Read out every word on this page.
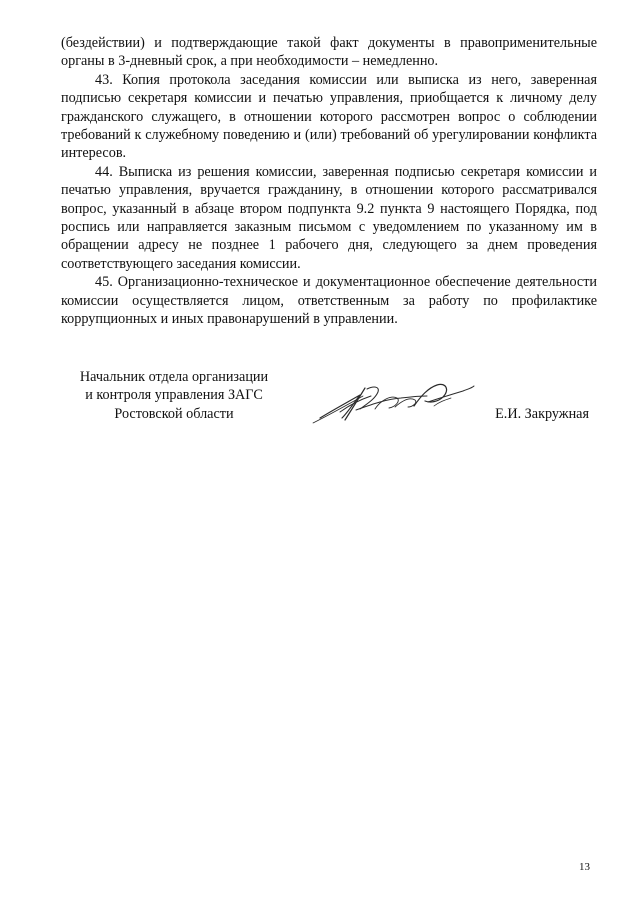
(бездействии) и подтверждающие такой факт документы в правоприменительные органы в 3-дневный срок, а при необходимости – немедленно.

43. Копия протокола заседания комиссии или выписка из него, заверенная подписью секретаря комиссии и печатью управления, приобщается к личному делу гражданского служащего, в отношении которого рассмотрен вопрос о соблюдении требований к служебному поведению и (или) требований об урегулировании конфликта интересов.

44. Выписка из решения комиссии, заверенная подписью секретаря комиссии и печатью управления, вручается гражданину, в отношении которого рассматривался вопрос, указанный в абзаце втором подпункта 9.2 пункта 9 настоящего Порядка, под роспись или направляется заказным письмом с уведомлением по указанному им в обращении адресу не позднее 1 рабочего дня, следующего за днем проведения соответствующего заседания комиссии.

45. Организационно-техническое и документационное обеспечение деятельности комиссии осуществляется лицом, ответственным за работу по профилактике коррупционных и иных правонарушений в управлении.

Начальник отдела организации
и контроля управления ЗАГС
Ростовской области	Е.И. Закружная
13
